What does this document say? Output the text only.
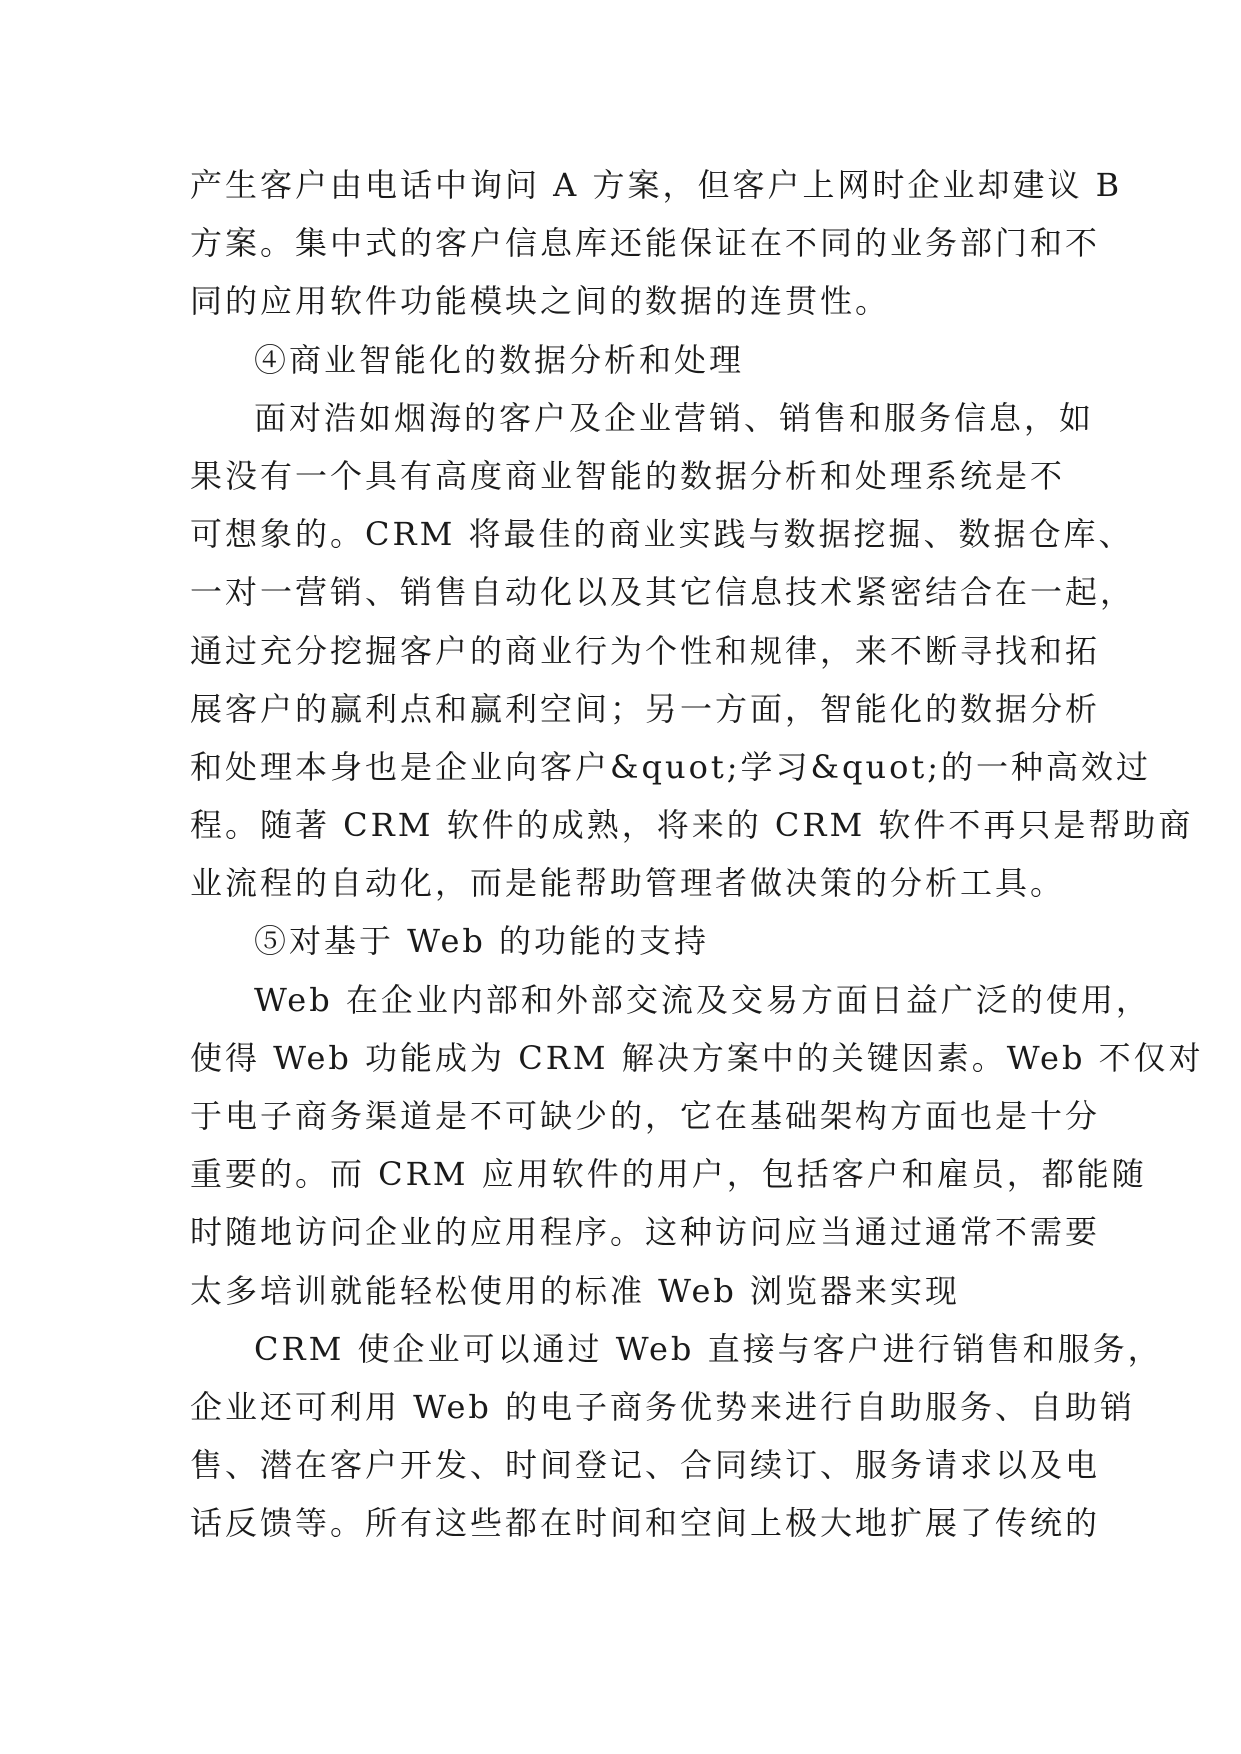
产生客户由电话中询问 A 方案，但客户上网时企业却建议 B
方案。集中式的客户信息库还能保证在不同的业务部门和不
同的应用软件功能模块之间的数据的连贯性。
④商业智能化的数据分析和处理
面对浩如烟海的客户及企业营销、销售和服务信息，如
果没有一个具有高度商业智能的数据分析和处理系统是不
可想象的。CRM 将最佳的商业实践与数据挖掘、数据仓库、
一对一营销、销售自动化以及其它信息技术紧密结合在一起，
通过充分挖掘客户的商业行为个性和规律，来不断寻找和拓
展客户的赢利点和赢利空间；另一方面，智能化的数据分析
和处理本身也是企业向客户&quot;学习&quot;的一种高效过
程。随著 CRM 软件的成熟，将来的 CRM 软件不再只是帮助商
业流程的自动化，而是能帮助管理者做决策的分析工具。
⑤对基于 Web 的功能的支持
Web 在企业内部和外部交流及交易方面日益广泛的使用，
使得 Web 功能成为 CRM 解决方案中的关键因素。Web 不仅对
于电子商务渠道是不可缺少的，它在基础架构方面也是十分
重要的。而 CRM 应用软件的用户，包括客户和雇员，都能随
时随地访问企业的应用程序。这种访问应当通过通常不需要
太多培训就能轻松使用的标准 Web 浏览器来实现
CRM 使企业可以通过 Web 直接与客户进行销售和服务，
企业还可利用 Web 的电子商务优势来进行自助服务、自助销
售、潜在客户开发、时间登记、合同续订、服务请求以及电
话反馈等。所有这些都在时间和空间上极大地扩展了传统的
